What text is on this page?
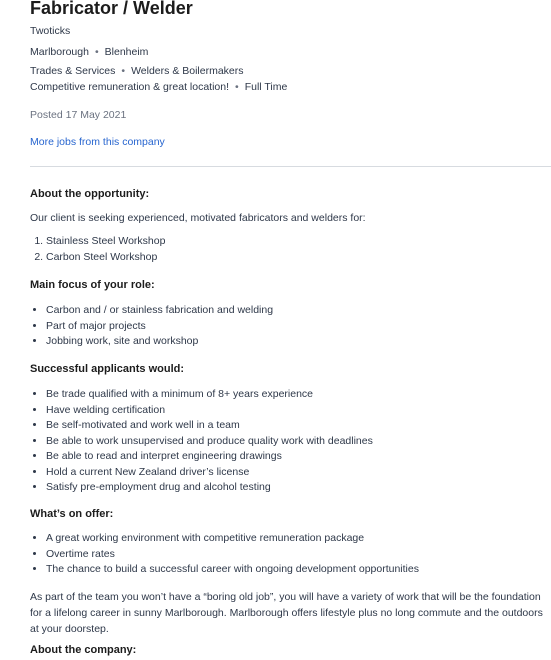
Fabricator / Welder
Twoticks
Marlborough • Blenheim
Trades & Services • Welders & Boilermakers
Competitive remuneration & great location! • Full Time
Posted 17 May 2021
More jobs from this company
About the opportunity:
Our client is seeking experienced, motivated fabricators and welders for:
1. Stainless Steel Workshop
2. Carbon Steel Workshop
Main focus of your role:
• Carbon and / or stainless fabrication and welding
• Part of major projects
• Jobbing work, site and workshop
Successful applicants would:
• Be trade qualified with a minimum of 8+ years experience
• Have welding certification
• Be self-motivated and work well in a team
• Be able to work unsupervised and produce quality work with deadlines
• Be able to read and interpret engineering drawings
• Hold a current New Zealand driver’s license
• Satisfy pre-employment drug and alcohol testing
What’s on offer:
• A great working environment with competitive remuneration package
• Overtime rates
• The chance to build a successful career with ongoing development opportunities
As part of the team you won’t have a “boring old job”, you will have a variety of work that will be the foundation for a lifelong career in sunny Marlborough. Marlborough offers lifestyle plus no long commute and the outdoors at your doorstep.
About the company:
